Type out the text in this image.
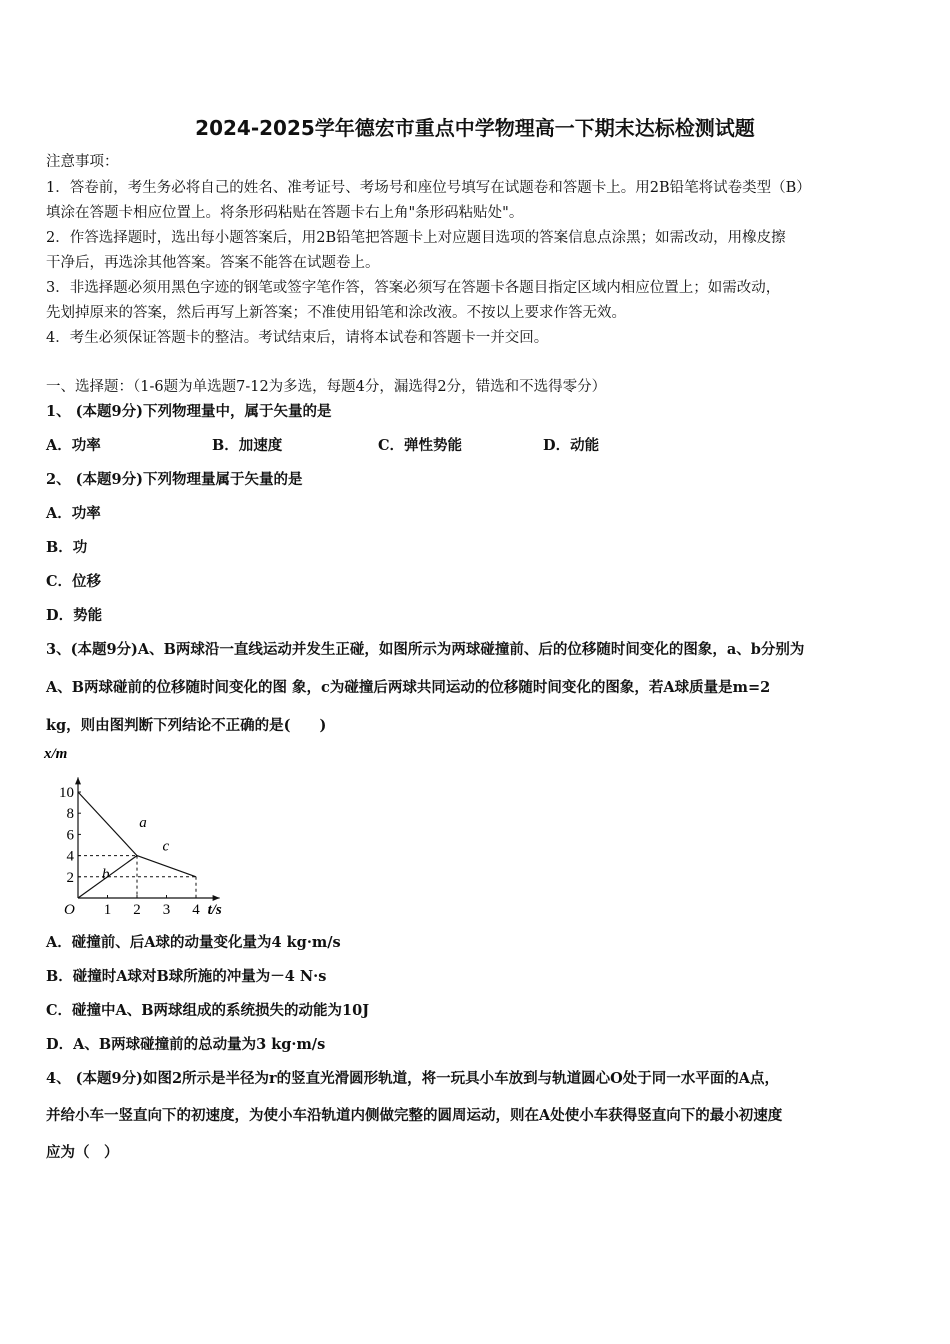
2024-2025学年德宏市重点中学物理高一下期末达标检测试题
注意事项：
1．答卷前，考生务必将自己的姓名、准考证号、考场号和座位号填写在试题卷和答题卡上。用2B铅笔将试卷类型（B）
填涂在答题卡相应位置上。将条形码粘贴在答题卡右上角"条形码粘贴处"。
2．作答选择题时，选出每小题答案后，用2B铅笔把答题卡上对应题目选项的答案信息点涂黑；如需改动，用橡皮擦
干净后，再选涂其他答案。答案不能答在试题卷上。
3．非选择题必须用黑色字迹的钢笔或签字笔作答，答案必须写在答题卡各题目指定区域内相应位置上；如需改动，
先划掉原来的答案，然后再写上新答案；不准使用铅笔和涂改液。不按以上要求作答无效。
4．考生必须保证答题卡的整洁。考试结束后，请将本试卷和答题卡一并交回。
一、选择题：（1-6题为单选题7-12为多选，每题4分，漏选得2分，错选和不选得零分）
1、 (本题9分)下列物理量中，属于矢量的是
A．功率	B．加速度	C．弹性势能	D．动能
2、 (本题9分)下列物理量属于矢量的是
A．功率
B．功
C．位移
D．势能
3、(本题9分)A、B两球沿一直线运动并发生正碰，如图所示为两球碰撞前、后的位移随时间变化的图象，a、b分别为
A、B两球碰前的位移随时间变化的图 象，c为碰撞后两球共同运动的位移随时间变化的图象，若A球质量是m=2
kg，则由图判断下列结论不正确的是(　　)
1 2 3 4
2
4
6
8
10
x/m
t/s
O
a
b
c
A．碰撞前、后A球的动量变化量为4 kg·m/s
B．碰撞时A球对B球所施的冲量为－4 N·s
C．碰撞中A、B两球组成的系统损失的动能为10J
D．A、B两球碰撞前的总动量为3 kg·m/s
4、 (本题9分)如图2所示是半径为r的竖直光滑圆形轨道，将一玩具小车放到与轨道圆心O处于同一水平面的A点，
并给小车一竖直向下的初速度，为使小车沿轨道内侧做完整的圆周运动，则在A处使小车获得竖直向下的最小初速度
应为（　）
